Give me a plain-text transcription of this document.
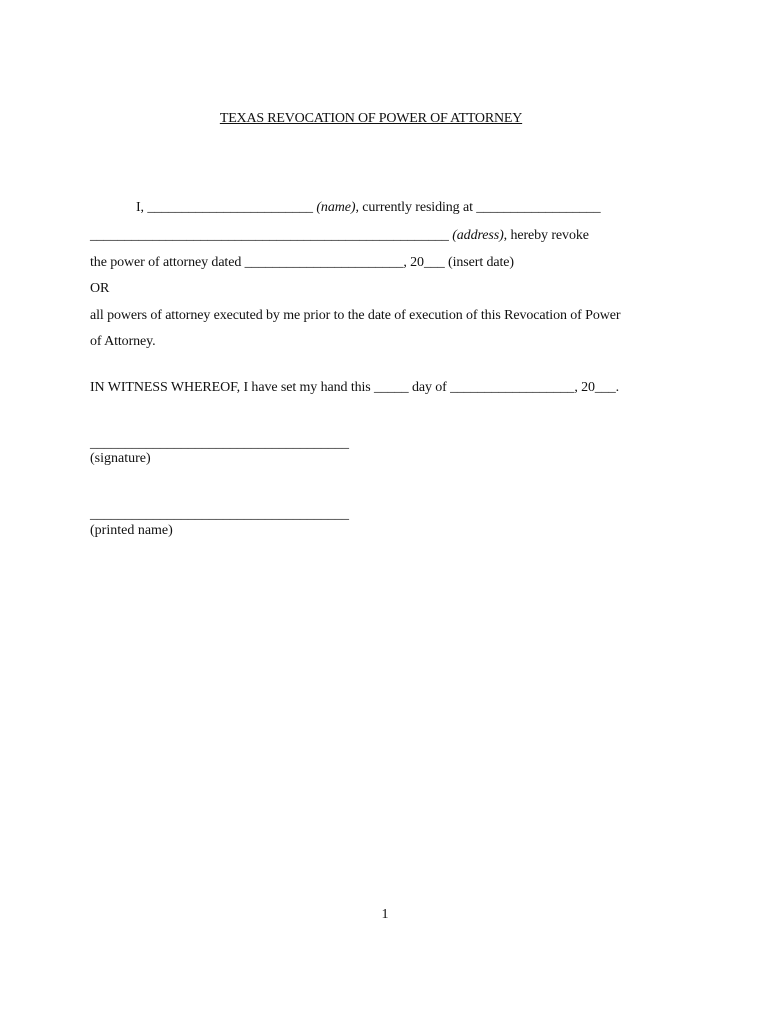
TEXAS REVOCATION OF POWER OF ATTORNEY
I, ________________________ (name), currently residing at __________________
____________________________________________________ (address), hereby revoke
the power of attorney dated _______________________, 20___ (insert date)
OR
all powers of attorney executed by me prior to the date of execution of this Revocation of Power
of Attorney.
IN WITNESS WHEREOF, I have set my hand this _____ day of __________________, 20___.
_____________________________________
(signature)
_____________________________________
(printed name)
1
